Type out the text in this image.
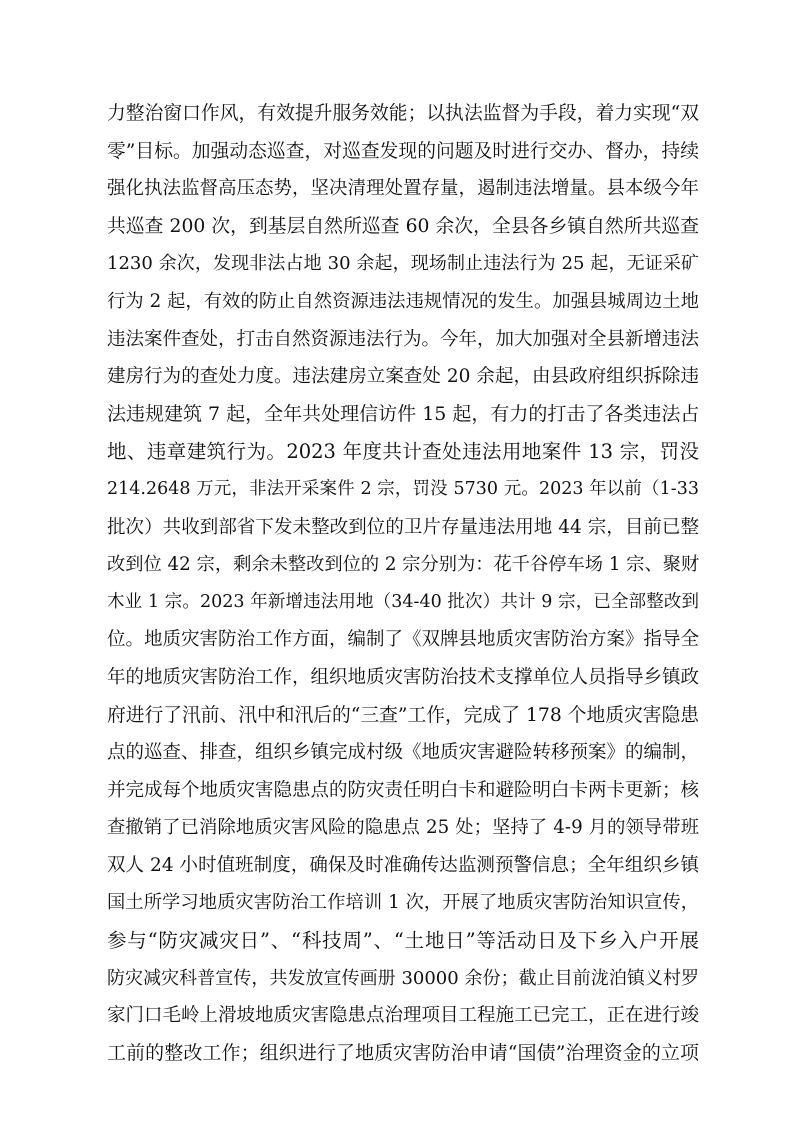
力整治窗口作风，有效提升服务效能；以执法监督为手段，着力实现“双
零”目标。加强动态巡查，对巡查发现的问题及时进行交办、督办，持续
强化执法监督高压态势，坚决清理处置存量，遏制违法增量。县本级今年
共巡查 200 次，到基层自然所巡查 60 余次，全县各乡镇自然所共巡查
1230 余次，发现非法占地 30 余起，现场制止违法行为 25 起，无证采矿
行为 2 起，有效的防止自然资源违法违规情况的发生。加强县城周边土地
违法案件查处，打击自然资源违法行为。今年，加大加强对全县新增违法
建房行为的查处力度。违法建房立案查处 20 余起，由县政府组织拆除违
法违规建筑 7 起，全年共处理信访件 15 起，有力的打击了各类违法占
地、违章建筑行为。2023 年度共计查处违法用地案件 13 宗，罚没
214.2648 万元，非法开采案件 2 宗，罚没 5730 元。2023 年以前（1-33
批次）共收到部省下发未整改到位的卫片存量违法用地 44 宗，目前已整
改到位 42 宗，剩余未整改到位的 2 宗分别为：花千谷停车场 1 宗、聚财
木业 1 宗。2023 年新增违法用地（34-40 批次）共计 9 宗，已全部整改到
位。地质灾害防治工作方面，编制了《双牌县地质灾害防治方案》指导全
年的地质灾害防治工作，组织地质灾害防治技术支撑单位人员指导乡镇政
府进行了汛前、汛中和汛后的“三查”工作，完成了 178 个地质灾害隐患
点的巡查、排查，组织乡镇完成村级《地质灾害避险转移预案》的编制，
并完成每个地质灾害隐患点的防灾责任明白卡和避险明白卡两卡更新；核
查撤销了已消除地质灾害风险的隐患点 25 处；坚持了 4-9 月的领导带班
双人 24 小时值班制度，确保及时准确传达监测预警信息；全年组织乡镇
国土所学习地质灾害防治工作培训 1 次，开展了地质灾害防治知识宣传，
参与“防灾减灾日”、“科技周”、“土地日”等活动日及下乡入户开展
防灾减灾科普宣传，共发放宣传画册 30000 余份；截止目前泷泊镇义村罗
家门口毛岭上滑坡地质灾害隐患点治理项目工程施工已完工，正在进行竣
工前的整改工作；组织进行了地质灾害防治申请“国债”治理资金的立项
